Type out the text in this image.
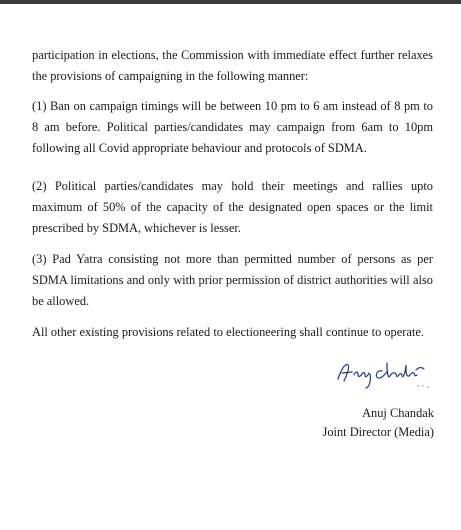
participation in elections, the Commission with immediate effect further relaxes the provisions of campaigning in the following manner:

(1) Ban on campaign timings will be between 10 pm to 6 am instead of 8 pm to 8 am before. Political parties/candidates may campaign from 6am to 10pm following all Covid appropriate behaviour and protocols of SDMA.

(2) Political parties/candidates may hold their meetings and rallies upto maximum of 50% of the capacity of the designated open spaces or the limit prescribed by SDMA, whichever is lesser.

(3) Pad Yatra consisting not more than permitted number of persons as per SDMA limitations and only with prior permission of district authorities will also be allowed.

All other existing provisions related to electioneering shall continue to operate.

Anuj Chandak
Joint Director (Media)
